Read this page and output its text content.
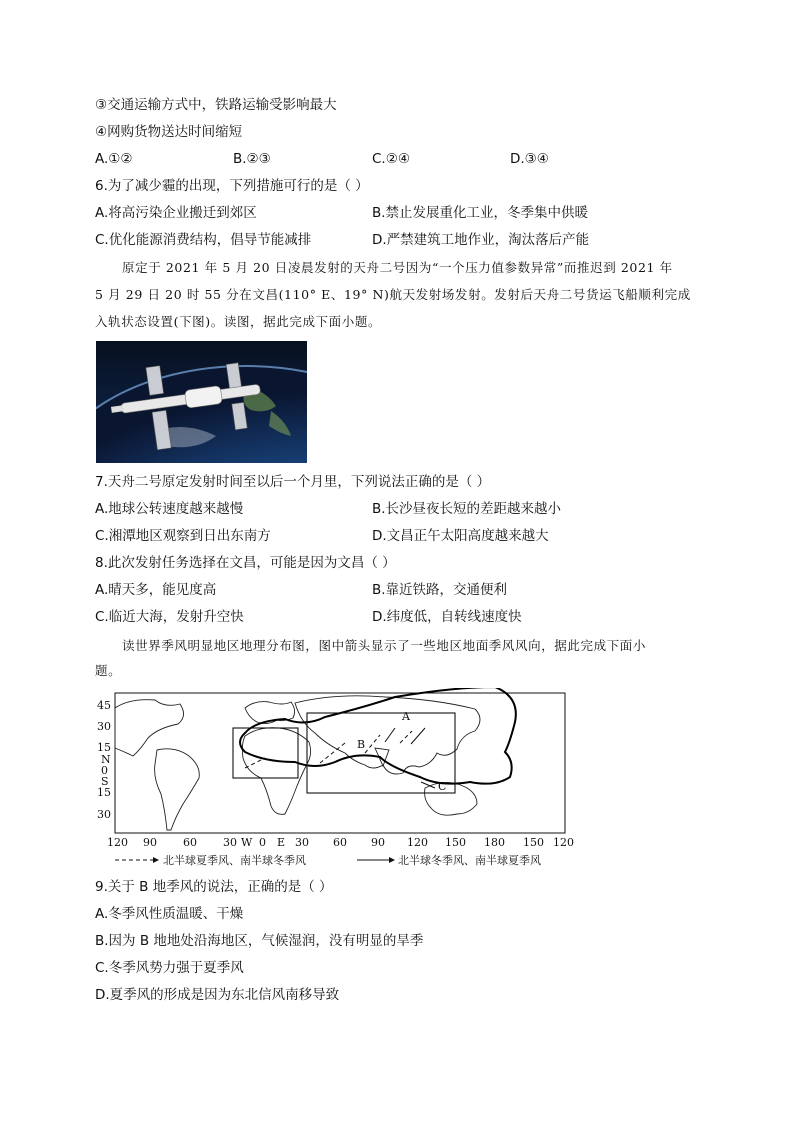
③交通运输方式中，铁路运输受影响最大
④网购货物送达时间缩短
A.①②	B.②③	C.②④	D.③④
6.为了减少霾的出现，下列措施可行的是（ ）
A.将高污染企业搬迁到郊区	B.禁止发展重化工业，冬季集中供暖
C.优化能源消费结构，倡导节能减排	D.严禁建筑工地作业，淘汰落后产能
原定于 2021 年 5 月 20 日凌晨发射的天舟二号因为“一个压力值参数异常”而推迟到 2021 年
5 月 29 日 20 时 55 分在文昌(110° E、19° N)航天发射场发射。发射后天舟二号货运飞船顺利完成
入轨状态设置(下图)。读图，据此完成下面小题。
7.天舟二号原定发射时间至以后一个月里，下列说法正确的是（ ）
A.地球公转速度越来越慢	B.长沙昼夜长短的差距越来越小
C.湘潭地区观察到日出东南方	D.文昌正午太阳高度越来越大
8.此次发射任务选择在文昌，可能是因为文昌（ ）
A.晴天多，能见度高	B.靠近铁路，交通便利
C.临近大海，发射升空快	D.纬度低，自转线速度快
读世界季风明显地区地理分布图，图中箭头显示了一些地区地面季风风向，据此完成下面小
题。
A
B
C
45
30
15
N
0
S
15
30
120 90 60 30 W 0 E 30 60 90 120 150 180 150 120
北半球夏季风、南半球冬季风	北半球冬季风、南半球夏季风
9.关于 B 地季风的说法，正确的是（ ）
A.冬季风性质温暖、干燥
B.因为 B 地地处沿海地区，气候湿润，没有明显的旱季
C.冬季风势力强于夏季风
D.夏季风的形成是因为东北信风南移导致
